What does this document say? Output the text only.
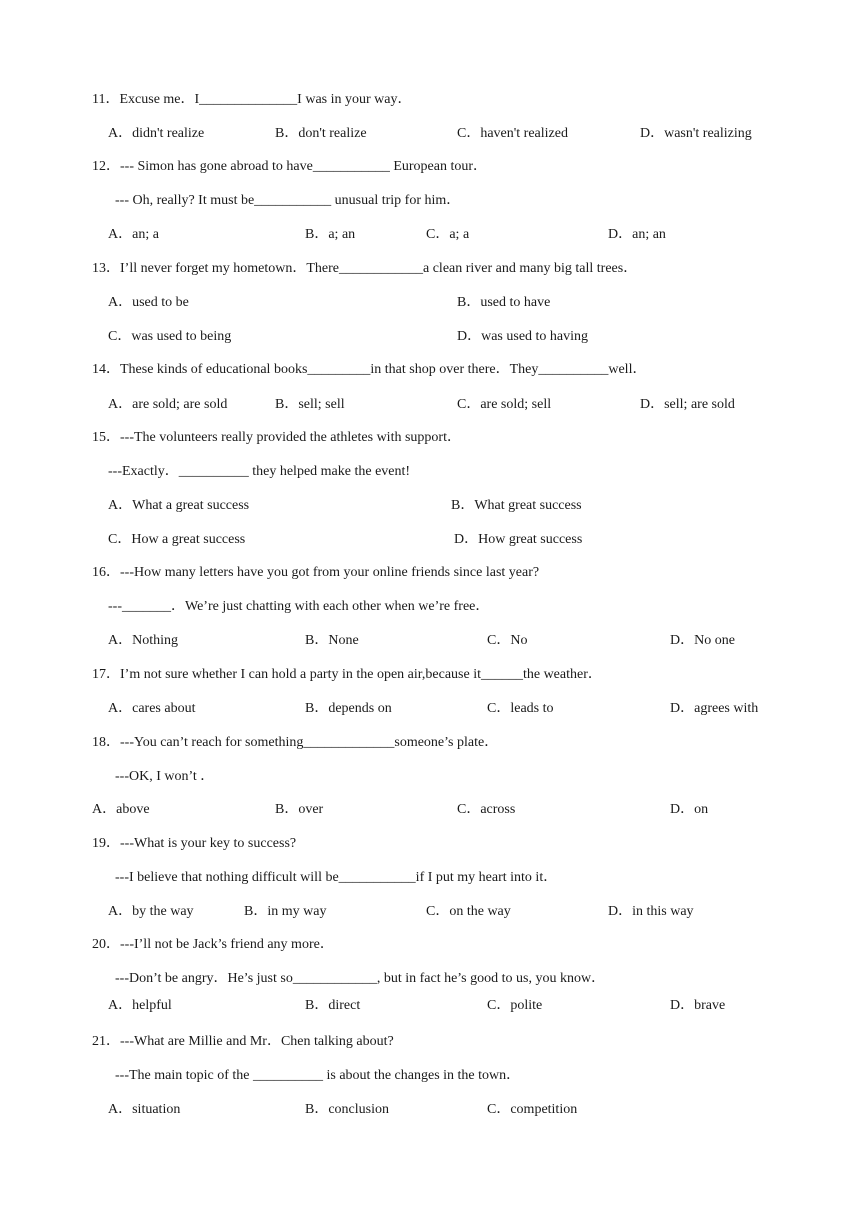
11．Excuse me．I______________I was in your way．
A．didn't realize	B．don't realize	C．haven't realized	D．wasn't realizing
12．--- Simon has gone abroad to have___________ European tour．
--- Oh, really? It must be___________ unusual trip for him．
A．an; a	B．a; an	C．a; a	D．an; an
13．I’ll never forget my hometown．There____________a clean river and many big tall trees．
A．used to be	B．used to have
C．was used to being	D．was used to having
14．These kinds of educational books_________in that shop over there．They__________well．
A．are sold; are sold	B．sell; sell	C．are sold; sell	D．sell; are sold
15．---The volunteers really provided the athletes with support．
---Exactly．__________ they helped make the event!
A．What a great success	B．What great success
C．How a great success	D．How great success
16．---How many letters have you got from your online friends since last year?
---_______．We’re just chatting with each other when we’re free．
A．Nothing	B．None	C．No	D．No one
17．I’m not sure whether I can hold a party in the open air,because it______the weather．
A．cares about	B．depends on	C．leads to	D．agrees with
18．---You can’t reach for something_____________someone’s plate．
---OK, I won’t ．
A．above	B．over	C．across	D．on
19．---What is your key to success?
---I believe that nothing difficult will be___________if I put my heart into it．
A．by the way	B．in my way	C．on the way	D．in this way
20．---I’ll not be Jack’s friend any more．
---Don’t be angry．He’s just so____________, but in fact he’s good to us, you know．
A．helpful	B．direct	C．polite	D．brave
21．---What are Millie and Mr．Chen talking about?
---The main topic of the __________ is about the changes in the town．
A．situation	B．conclusion	C．competition
